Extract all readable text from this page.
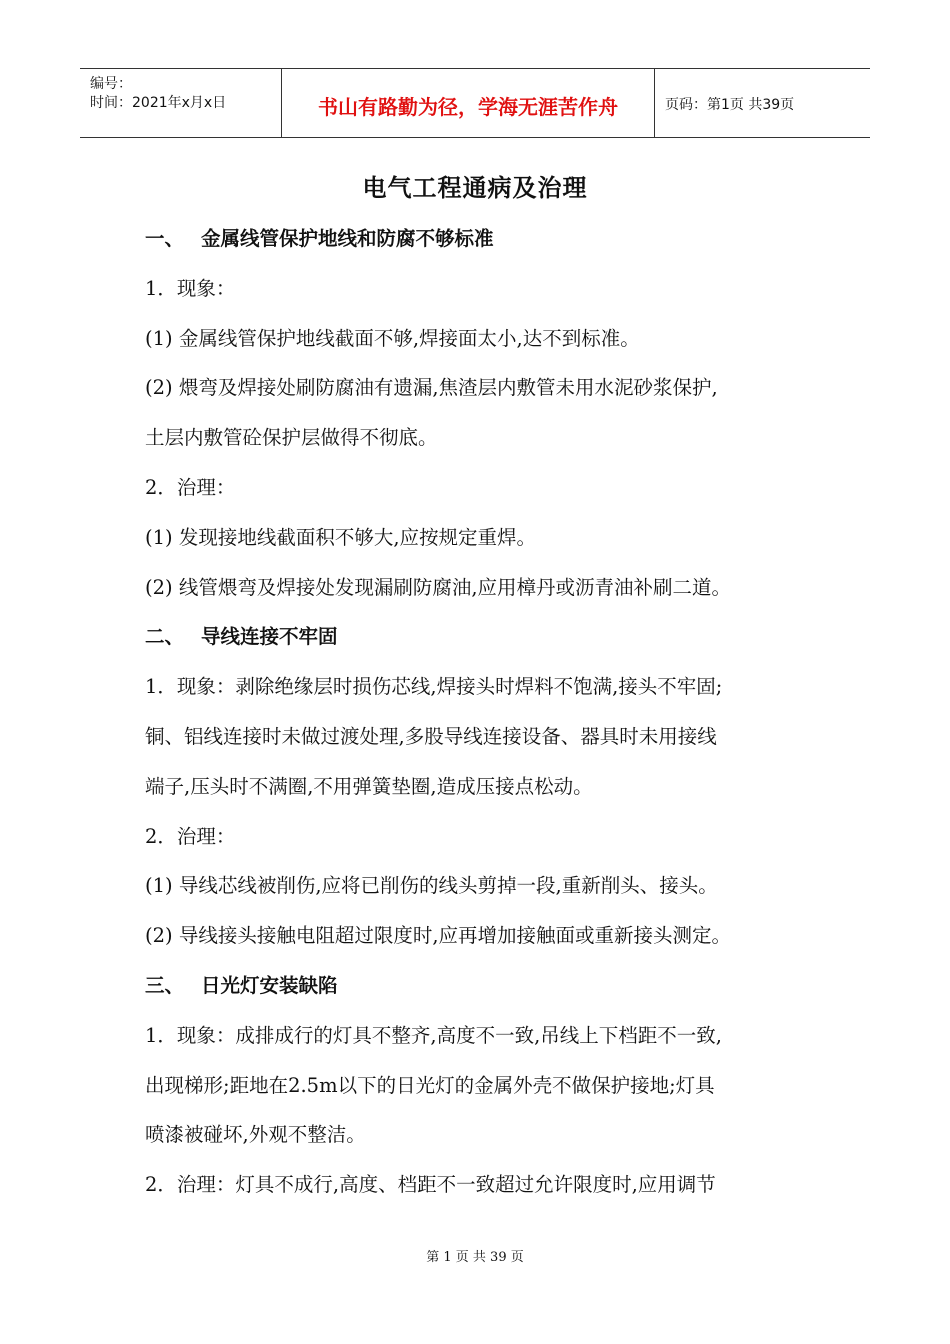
编号：
时间：2021年x月x日	书山有路勤为径，学海无涯苦作舟	页码：第1页 共39页
电气工程通病及治理
一、 金属线管保护地线和防腐不够标准
1．现象：
(1) 金属线管保护地线截面不够,焊接面太小,达不到标准。
(2) 煨弯及焊接处刷防腐油有遗漏,焦渣层内敷管未用水泥砂浆保护,
土层内敷管砼保护层做得不彻底。
2．治理：
(1) 发现接地线截面积不够大,应按规定重焊。
(2) 线管煨弯及焊接处发现漏刷防腐油,应用樟丹或沥青油补刷二道。
二、 导线连接不牢固
1．现象：剥除绝缘层时损伤芯线,焊接头时焊料不饱满,接头不牢固;
铜、铝线连接时未做过渡处理,多股导线连接设备、器具时未用接线
端子,压头时不满圈,不用弹簧垫圈,造成压接点松动。
2．治理：
(1) 导线芯线被削伤,应将已削伤的线头剪掉一段,重新削头、接头。
(2) 导线接头接触电阻超过限度时,应再增加接触面或重新接头测定。
三、 日光灯安装缺陷
1．现象：成排成行的灯具不整齐,高度不一致,吊线上下档距不一致,
出现梯形;距地在2.5m以下的日光灯的金属外壳不做保护接地;灯具
喷漆被碰坏,外观不整洁。
2．治理：灯具不成行,高度、档距不一致超过允许限度时,应用调节
第 1 页 共 39 页
